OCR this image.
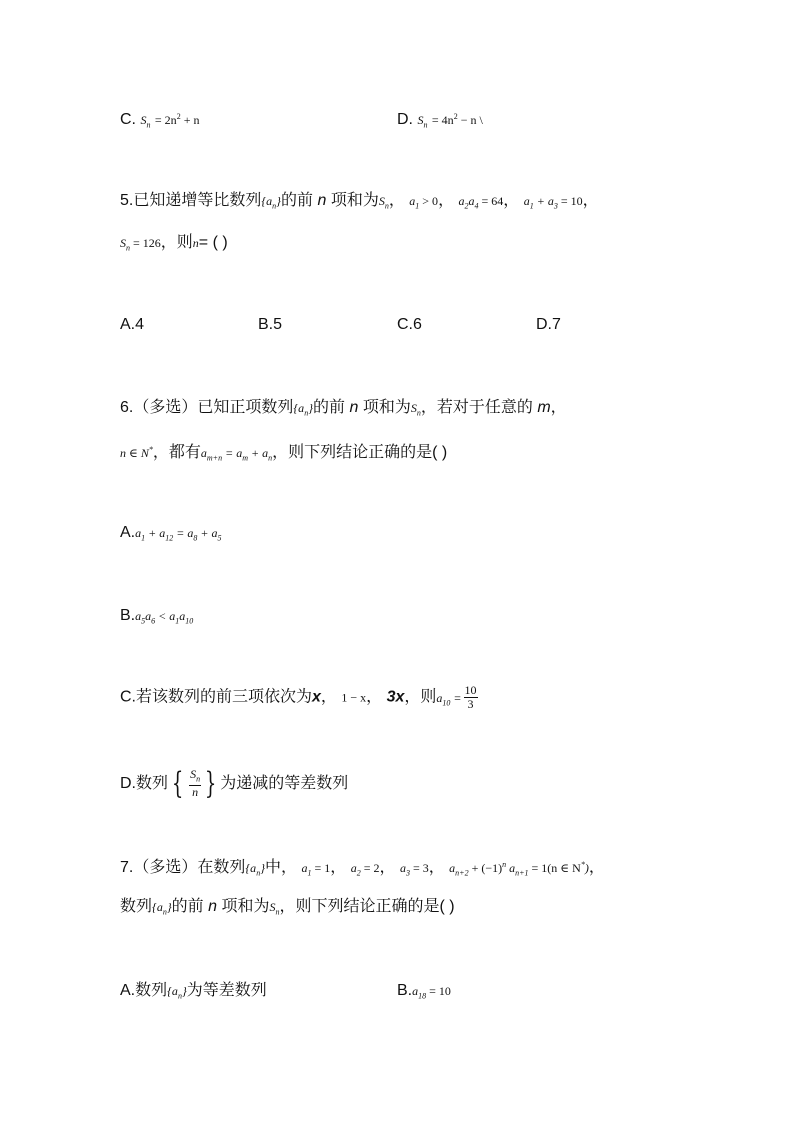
C. $S_n = 2n^2 + n$	D. $S_n = 4n^2 - n$ \
5.已知递增等比数列$\{a_n\}$的前 n 项和为$S_n$， $a_1 > 0$， $a_2a_4 = 64$， $a_1 + a_3 = 10$，
$S_n = 126$，则n= ( )
A.4	B.5	C.6	D.7
6.（多选）已知正项数列$\{a_n\}$的前 n 项和为$S_n$，若对于任意的 m，
n ∈ N*，都有$a_{m+n} = a_m + a_n$，则下列结论正确的是( )
$A.a_1 + a_{12} = a_8 + a_5$
$B.a_5a_6 < a_1a_{10}$
C.若该数列的前三项依次为x， 1 − x， 3x，则$a_{10} = \frac{10}{3}$
D.数列 { $\frac{S_n}{n}$ } 为递减的等差数列
7.（多选）在数列$\{a_n\}$中， $a_1 = 1$， $a_2 = 2$， $a_3 = 3$， $a_{n+2} + (-1)^n$ $a_{n+1} = 1(n$ ∈ N*)，
数列$\{a_n\}$的前 n 项和为$S_n$，则下列结论正确的是( )
A.数列$\{a_n\}$为等差数列	$B.a_{18} = 10$
